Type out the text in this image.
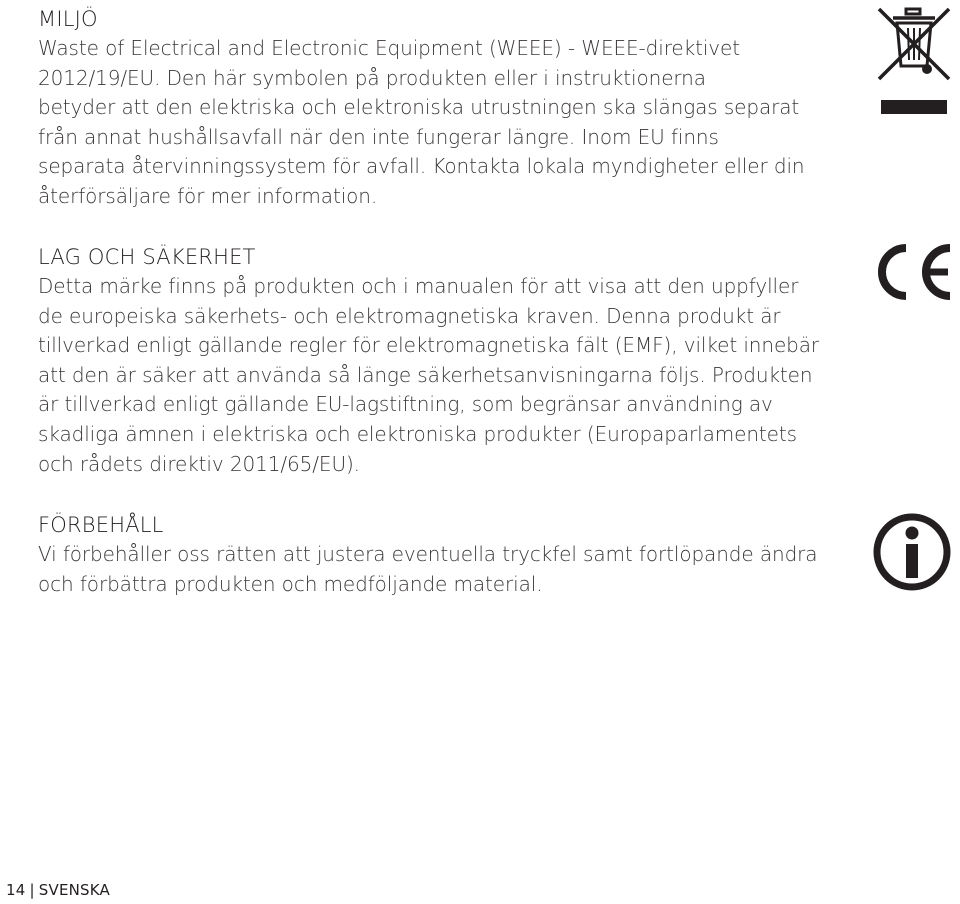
MILJÖ
Waste of Electrical and Electronic Equipment (WEEE) - WEEE-direktivet
2012/19/EU. Den här symbolen på produkten eller i instruktionerna
betyder att den elektriska och elektroniska utrustningen ska slängas separat
från annat hushållsavfall när den inte fungerar längre. Inom EU finns
separata återvinningssystem för avfall. Kontakta lokala myndigheter eller din
återförsäljare för mer information.
LAG OCH SÄKERHET
Detta märke finns på produkten och i manualen för att visa att den uppfyller
de europeiska säkerhets- och elektromagnetiska kraven. Denna produkt är
tillverkad enligt gällande regler för elektromagnetiska fält (EMF), vilket innebär
att den är säker att använda så länge säkerhetsanvisningarna följs. Produkten
är tillverkad enligt gällande EU-lagstiftning, som begränsar användning av
skadliga ämnen i elektriska och elektroniska produkter (Europaparlamentets
och rådets direktiv 2011/65/EU).
FÖRBEHÅLL
Vi förbehåller oss rätten att justera eventuella tryckfel samt fortlöpande ändra
och förbättra produkten och medföljande material.
14 | SVENSKA
